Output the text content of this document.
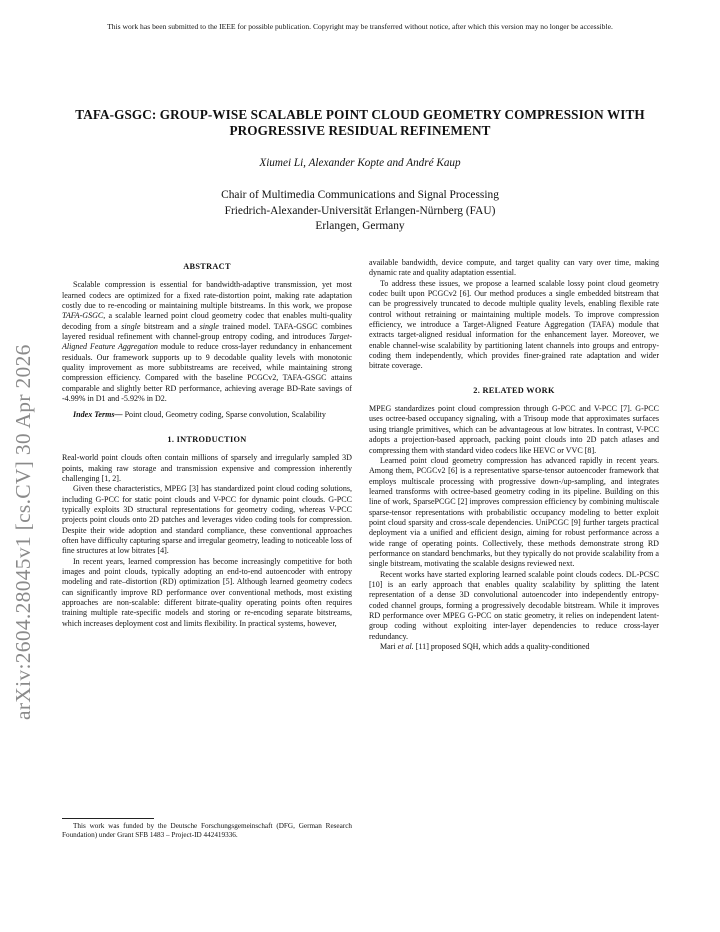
This work has been submitted to the IEEE for possible publication. Copyright may be transferred without notice, after which this version may no longer be accessible.
arXiv:2604.28045v1 [cs.CV] 30 Apr 2026
TAFA-GSGC: GROUP-WISE SCALABLE POINT CLOUD GEOMETRY COMPRESSION WITH PROGRESSIVE RESIDUAL REFINEMENT
Xiumei Li, Alexander Kopte and André Kaup
Chair of Multimedia Communications and Signal Processing
Friedrich-Alexander-Universität Erlangen-Nürnberg (FAU)
Erlangen, Germany
ABSTRACT

Scalable compression is essential for bandwidth-adaptive transmission, yet most learned codecs are optimized for a fixed rate-distortion point, making rate adaptation costly due to re-encoding or maintaining multiple bitstreams. In this work, we propose TAFA-GSGC, a scalable learned point cloud geometry codec that enables multi-quality decoding from a single bitstream and a single trained model. TAFA-GSGC combines layered residual refinement with channel-group entropy coding, and introduces Target-Aligned Feature Aggregation module to reduce cross-layer redundancy in enhancement residuals. Our framework supports up to 9 decodable quality levels with monotonic quality improvement as more subbitstreams are received, while maintaining strong compression efficiency. Compared with the baseline PCGCv2, TAFA-GSGC attains comparable and slightly better RD performance, achieving average BD-Rate savings of -4.99% in D1 and -5.92% in D2.

Index Terms— Point cloud, Geometry coding, Sparse convolution, Scalability

1. INTRODUCTION

Real-world point clouds often contain millions of sparsely and irregularly sampled 3D points, making raw storage and transmission expensive and compression inherently challenging [1, 2].

Given these characteristics, MPEG [3] has standardized point cloud coding solutions, including G-PCC for static point clouds and V-PCC for dynamic point clouds. G-PCC typically exploits 3D structural representations for geometry coding, whereas V-PCC projects point clouds onto 2D patches and leverages video coding tools for compression. Despite their wide adoption and standard compliance, these conventional approaches often have difficulty capturing sparse and irregular geometry, leading to noticeable loss of fine structures at low bitrates [4].

In recent years, learned compression has become increasingly competitive for both images and point clouds, typically adopting an end-to-end autoencoder with entropy modeling and rate–distortion (RD) optimization [5]. Although learned geometry codecs can significantly improve RD performance over conventional methods, most existing approaches are non-scalable: different bitrate-quality operating points often requires training multiple rate-specific models and storing or re-encoding separate bitstreams, which increases deployment cost and limits flexibility. In practical systems, however,

This work was funded by the Deutsche Forschungsgemeinschaft (DFG, German Research Foundation) under Grant SFB 1483 – Project-ID 442419336.

available bandwidth, device compute, and target quality can vary over time, making dynamic rate and quality adaptation essential.

To address these issues, we propose a learned scalable lossy point cloud geometry codec built upon PCGCv2 [6]. Our method produces a single embedded bitstream that can be progressively truncated to decode multiple quality levels, enabling flexible rate control without retraining or maintaining multiple models. To improve compression efficiency, we introduce a Target-Aligned Feature Aggregation (TAFA) module that extracts target-aligned residual information for the enhancement layer. Moreover, we enable channel-wise scalability by partitioning latent channels into groups and entropy-coding them independently, which provides finer-grained rate adaptation and wider bitrate coverage.

2. RELATED WORK

MPEG standardizes point cloud compression through G-PCC and V-PCC [7]. G-PCC uses octree-based occupancy signaling, with a Trisoup mode that approximates surfaces using triangle primitives, which can be advantageous at low bitrates. In contrast, V-PCC adopts a projection-based approach, packing point clouds into 2D patch atlases and compressing them with standard video codecs like HEVC or VVC [8].

Learned point cloud geometry compression has advanced rapidly in recent years. Among them, PCGCv2 [6] is a representative sparse-tensor autoencoder framework that employs multiscale processing with progressive down-/up-sampling, and integrates learned transforms with octree-based geometry coding in its pipeline. Building on this line of work, SparsePCGC [2] improves compression efficiency by combining multiscale sparse-tensor representations with probabilistic occupancy modeling to better exploit point cloud sparsity and cross-scale dependencies. UniPCGC [9] further targets practical deployment via a unified and efficient design, aiming for robust performance across a wide range of operating points. Collectively, these methods demonstrate strong RD performance on standard benchmarks, but they typically do not provide scalability from a single bitstream, motivating the scalable designs reviewed next.

Recent works have started exploring learned scalable point clouds codecs. DL-PCSC [10] is an early approach that enables quality scalability by splitting the latent representation of a dense 3D convolutional autoencoder into independently entropy-coded channel groups, forming a progressively decodable bitstream. While it improves RD performance over MPEG G-PCC on static geometry, it relies on independent latent-group coding without exploiting inter-layer dependencies to reduce cross-layer redundancy.

Mari et al. [11] proposed SQH, which adds a quality-conditioned
